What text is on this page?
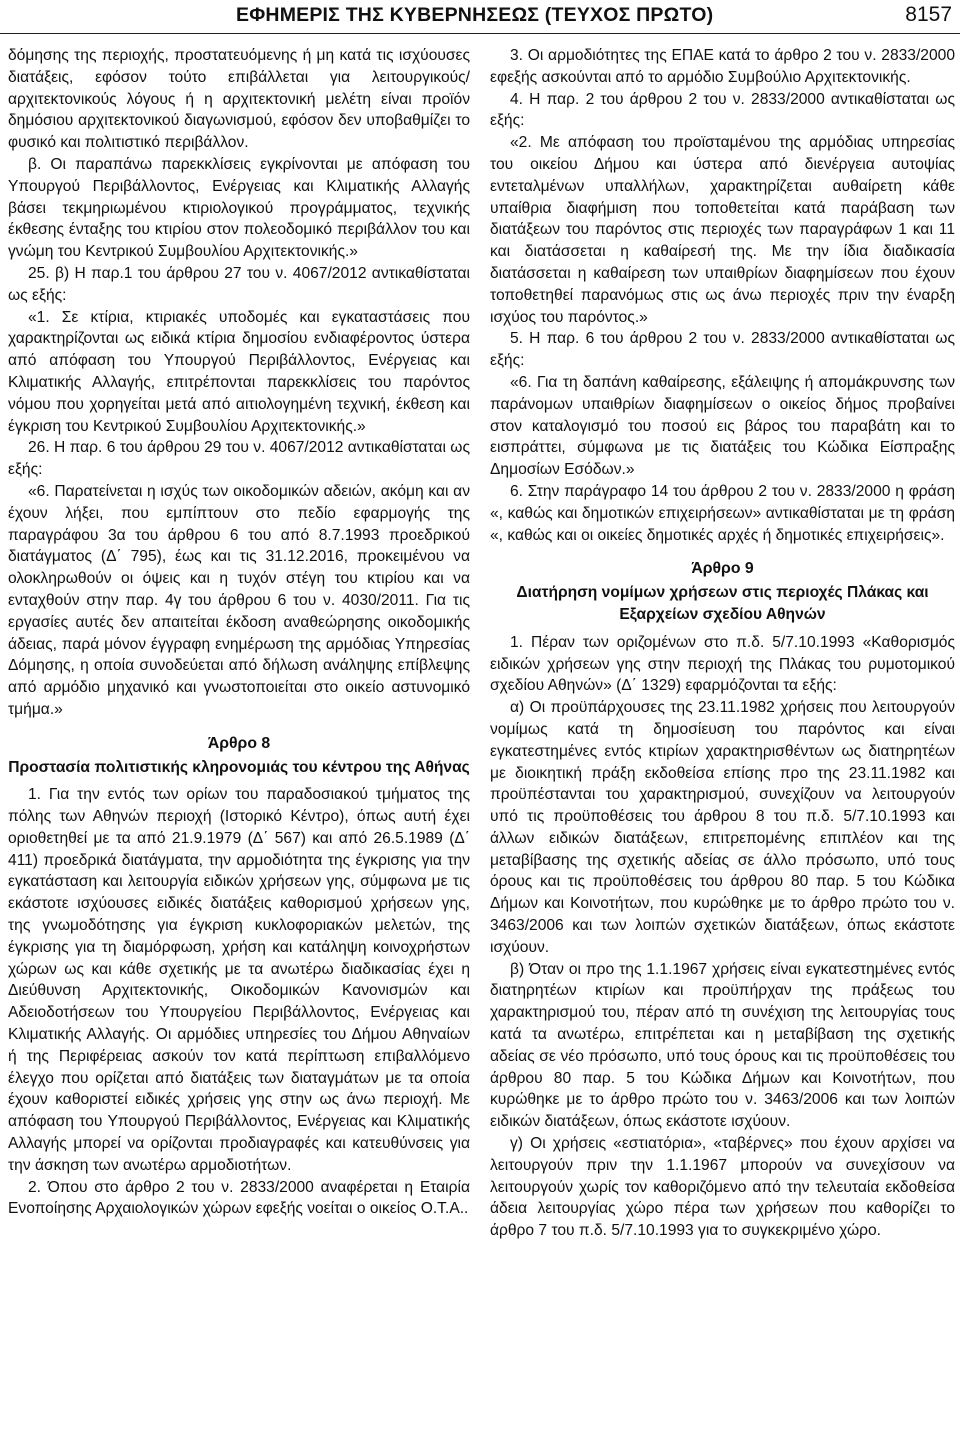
ΕΦΗΜΕΡΙΣ ΤΗΣ ΚΥΒΕΡΝΗΣΕΩΣ (ΤΕΥΧΟΣ ΠΡΩΤΟ)	8157

δόμησης της περιοχής, προστατευόμενης ή μη κατά τις ισχύουσες διατάξεις, εφόσον τούτο επιβάλλεται για λειτουργικούς/ αρχιτεκτονικούς λόγους ή η αρχιτεκτονική μελέτη είναι προϊόν δημόσιου αρχιτεκτονικού διαγωνισμού, εφόσον δεν υποβαθμίζει το φυσικό και πολιτιστικό περιβάλλον.

β. Οι παραπάνω παρεκκλίσεις εγκρίνονται με απόφαση του Υπουργού Περιβάλλοντος, Ενέργειας και Κλιματικής Αλλαγής βάσει τεκμηριωμένου κτιριολογικού προγράμματος, τεχνικής έκθεσης ένταξης του κτιρίου στον πολεοδομικό περιβάλλον του και γνώμη του Κεντρικού Συμβουλίου Αρχιτεκτονικής.»

25. β) Η παρ.1 του άρθρου 27 του ν. 4067/2012 αντικαθίσταται ως εξής:

«1. Σε κτίρια, κτιριακές υποδομές και εγκαταστάσεις που χαρακτηρίζονται ως ειδικά κτίρια δημοσίου ενδιαφέροντος ύστερα από απόφαση του Υπουργού Περιβάλλοντος, Ενέργειας και Κλιματικής Αλλαγής, επιτρέπονται παρεκκλίσεις του παρόντος νόμου που χορηγείται μετά από αιτιολογημένη τεχνική, έκθεση και έγκριση του Κεντρικού Συμβουλίου Αρχιτεκτονικής.»

26. Η παρ. 6 του άρθρου 29 του ν. 4067/2012 αντικαθίσταται ως εξής:

«6. Παρατείνεται η ισχύς των οικοδομικών αδειών, ακόμη και αν έχουν λήξει, που εμπίπτουν στο πεδίο εφαρμογής της παραγράφου 3α του άρθρου 6 του από 8.7.1993 προεδρικού διατάγματος (Δ΄ 795), έως και τις 31.12.2016, προκειμένου να ολοκληρωθούν οι όψεις και η τυχόν στέγη του κτιρίου και να ενταχθούν στην παρ. 4γ του άρθρου 6 του ν. 4030/2011. Για τις εργασίες αυτές δεν απαιτείται έκδοση αναθεώρησης οικοδομικής άδειας, παρά μόνον έγγραφη ενημέρωση της αρμόδιας Υπηρεσίας Δόμησης, η οποία συνοδεύεται από δήλωση ανάληψης επίβλεψης από αρμόδιο μηχανικό και γνωστοποιείται στο οικείο αστυνομικό τμήμα.»

Άρθρο 8
Προστασία πολιτιστικής κληρονομιάς του κέντρου της Αθήνας

1. Για την εντός των ορίων του παραδοσιακού τμήματος της πόλης των Αθηνών περιοχή (Ιστορικό Κέντρο), όπως αυτή έχει οριοθετηθεί με τα από 21.9.1979 (Δ΄ 567) και από 26.5.1989 (Δ΄ 411) προεδρικά διατάγματα, την αρμοδιότητα της έγκρισης για την εγκατάσταση και λειτουργία ειδικών χρήσεων γης, σύμφωνα με τις εκάστοτε ισχύουσες ειδικές διατάξεις καθορισμού χρήσεων γης, της γνωμοδότησης για έγκριση κυκλοφοριακών μελετών, της έγκρισης για τη διαμόρφωση, χρήση και κατάληψη κοινοχρήστων χώρων ως και κάθε σχετικής με τα ανωτέρω διαδικασίας έχει η Διεύθυνση Αρχιτεκτονικής, Οικοδομικών Κανονισμών και Αδειοδοτήσεων του Υπουργείου Περιβάλλοντος, Ενέργειας και Κλιματικής Αλλαγής. Οι αρμόδιες υπηρεσίες του Δήμου Αθηναίων ή της Περιφέρειας ασκούν τον κατά περίπτωση επιβαλλόμενο έλεγχο που ορίζεται από διατάξεις των διαταγμάτων με τα οποία έχουν καθοριστεί ειδικές χρήσεις γης στην ως άνω περιοχή. Με απόφαση του Υπουργού Περιβάλλοντος, Ενέργειας και Κλιματικής Αλλαγής μπορεί να ορίζονται προδιαγραφές και κατευθύνσεις για την άσκηση των ανωτέρω αρμοδιοτήτων.

2. Όπου στο άρθρο 2 του ν. 2833/2000 αναφέρεται η Εταιρία Ενοποίησης Αρχαιολογικών χώρων εφεξής νοείται ο οικείος Ο.Τ.Α..

3. Οι αρμοδιότητες της ΕΠΑΕ κατά το άρθρο 2 του ν. 2833/2000 εφεξής ασκούνται από το αρμόδιο Συμβούλιο Αρχιτεκτονικής.

4. Η παρ. 2 του άρθρου 2 του ν. 2833/2000 αντικαθίσταται ως εξής:

«2. Με απόφαση του προϊσταμένου της αρμόδιας υπηρεσίας του οικείου Δήμου και ύστερα από διενέργεια αυτοψίας εντεταλμένων υπαλλήλων, χαρακτηρίζεται αυθαίρετη κάθε υπαίθρια διαφήμιση που τοποθετείται κατά παράβαση των διατάξεων του παρόντος στις περιοχές των παραγράφων 1 και 11 και διατάσσεται η καθαίρεσή της. Με την ίδια διαδικασία διατάσσεται η καθαίρεση των υπαιθρίων διαφημίσεων που έχουν τοποθετηθεί παρανόμως στις ως άνω περιοχές πριν την έναρξη ισχύος του παρόντος.»

5. Η παρ. 6 του άρθρου 2 του ν. 2833/2000 αντικαθίσταται ως εξής:

«6. Για τη δαπάνη καθαίρεσης, εξάλειψης ή απομάκρυνσης των παράνομων υπαιθρίων διαφημίσεων ο οικείος δήμος προβαίνει στον καταλογισμό του ποσού εις βάρος του παραβάτη και το εισπράττει, σύμφωνα με τις διατάξεις του Κώδικα Είσπραξης Δημοσίων Εσόδων.»

6. Στην παράγραφο 14 του άρθρου 2 του ν. 2833/2000 η φράση «, καθώς και δημοτικών επιχειρήσεων» αντικαθίσταται με τη φράση «, καθώς και οι οικείες δημοτικές αρχές ή δημοτικές επιχειρήσεις».

Άρθρο 9
Διατήρηση νομίμων χρήσεων στις περιοχές Πλάκας και Εξαρχείων σχεδίου Αθηνών

1. Πέραν των οριζομένων στο π.δ. 5/7.10.1993 «Καθορισμός ειδικών χρήσεων γης στην περιοχή της Πλάκας του ρυμοτομικού σχεδίου Αθηνών» (Δ΄ 1329) εφαρμόζονται τα εξής:

α) Οι προϋπάρχουσες της 23.11.1982 χρήσεις που λειτουργούν νομίμως κατά τη δημοσίευση του παρόντος και είναι εγκατεστημένες εντός κτιρίων χαρακτηρισθέντων ως διατηρητέων με διοικητική πράξη εκδοθείσα επίσης προ της 23.11.1982 και προϋπέστανται του χαρακτηρισμού, συνεχίζουν να λειτουργούν υπό τις προϋποθέσεις του άρθρου 8 του π.δ. 5/7.10.1993 και άλλων ειδικών διατάξεων, επιτρεπομένης επιπλέον και της μεταβίβασης της σχετικής αδείας σε άλλο πρόσωπο, υπό τους όρους και τις προϋποθέσεις του άρθρου 80 παρ. 5 του Κώδικα Δήμων και Κοινοτήτων, που κυρώθηκε με το άρθρο πρώτο του ν. 3463/2006 και των λοιπών σχετικών διατάξεων, όπως εκάστοτε ισχύουν.

β) Όταν οι προ της 1.1.1967 χρήσεις είναι εγκατεστημένες εντός διατηρητέων κτιρίων και προϋπήρχαν της πράξεως του χαρακτηρισμού του, πέραν από τη συνέχιση της λειτουργίας τους κατά τα ανωτέρω, επιτρέπεται και η μεταβίβαση της σχετικής αδείας σε νέο πρόσωπο, υπό τους όρους και τις προϋποθέσεις του άρθρου 80 παρ. 5 του Κώδικα Δήμων και Κοινοτήτων, που κυρώθηκε με το άρθρο πρώτο του ν. 3463/2006 και των λοιπών ειδικών διατάξεων, όπως εκάστοτε ισχύουν.

γ) Οι χρήσεις «εστιατόρια», «ταβέρνες» που έχουν αρχίσει να λειτουργούν πριν την 1.1.1967 μπορούν να συνεχίσουν να λειτουργούν χωρίς τον καθοριζόμενο από την τελευταία εκδοθείσα άδεια λειτουργίας χώρο πέρα των χρήσεων που καθορίζει το άρθρο 7 του π.δ. 5/7.10.1993 για το συγκεκριμένο χώρο.
